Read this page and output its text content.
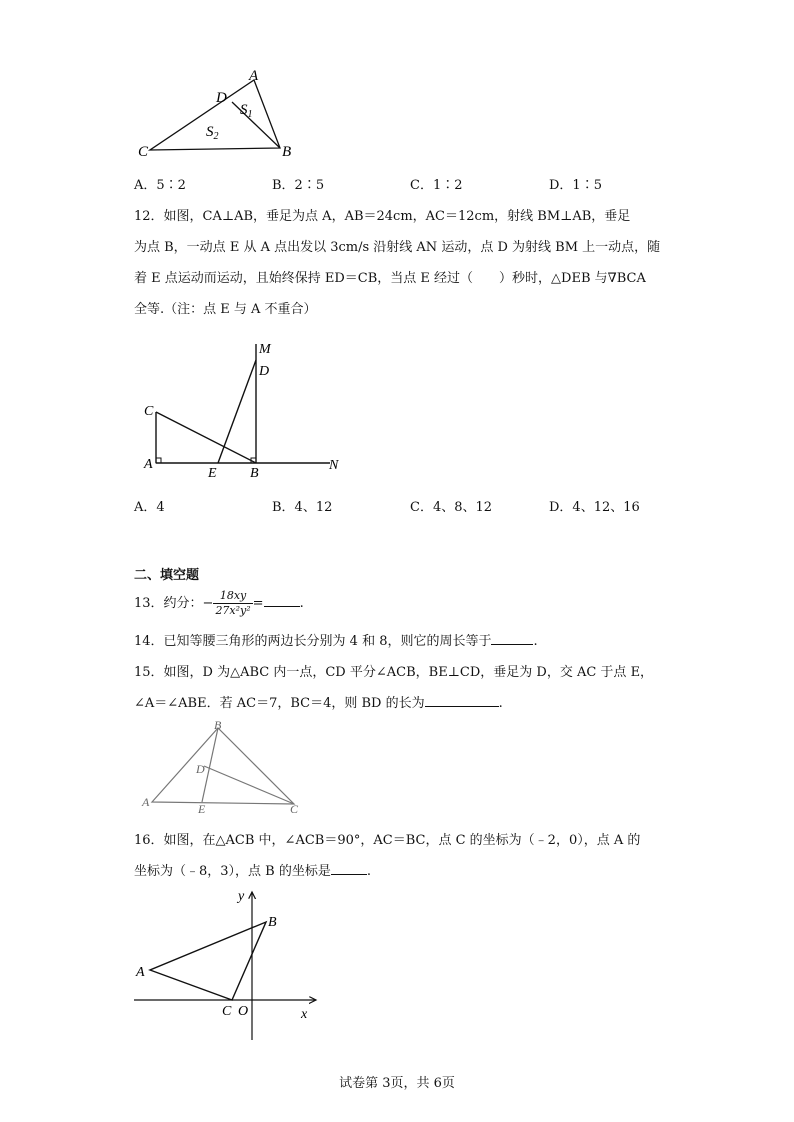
A
D
C	B
$S_1$
$S_2$
A．5∶2	B．2∶5	C．1∶2	D．1∶5
12．如图，CA⊥AB，垂足为点 A，AB＝24cm，AC＝12cm，射线 BM⊥AB，垂足
为点 B，一动点 E 从 A 点出发以 3cm/s 沿射线 AN 运动，点 D 为射线 BM 上一动点，随
着 E 点运动而运动，且始终保持 ED＝CB，当点 E 经过（　　）秒时，△DEB 与∇BCA
全等.（注：点 E 与 A 不重合）
M
D
C
A
E B
N
A．4	B．4、12	C．4、8、12	D．4、12、16
二、填空题
13．约分：− $\frac{18xy}{\text{27x²y²}}$ =	.
14．已知等腰三角形的两边长分别为 4 和 8，则它的周长等于	.
15．如图，D 为△ABC 内一点，CD 平分∠ACB，BE⊥CD，垂足为 D，交 AC 于点 E，
∠A＝∠ABE．若 AC＝7，BC＝4，则 BD 的长为	.
B
D
A	E	C
16．如图，在△ACB 中，∠ACB＝90°，AC＝BC，点 C 的坐标为（﹣2，0），点 A 的
坐标为（﹣8，3），点 B 的坐标是	.
y
x
A
B
C O
试卷第 3页，共 6页
